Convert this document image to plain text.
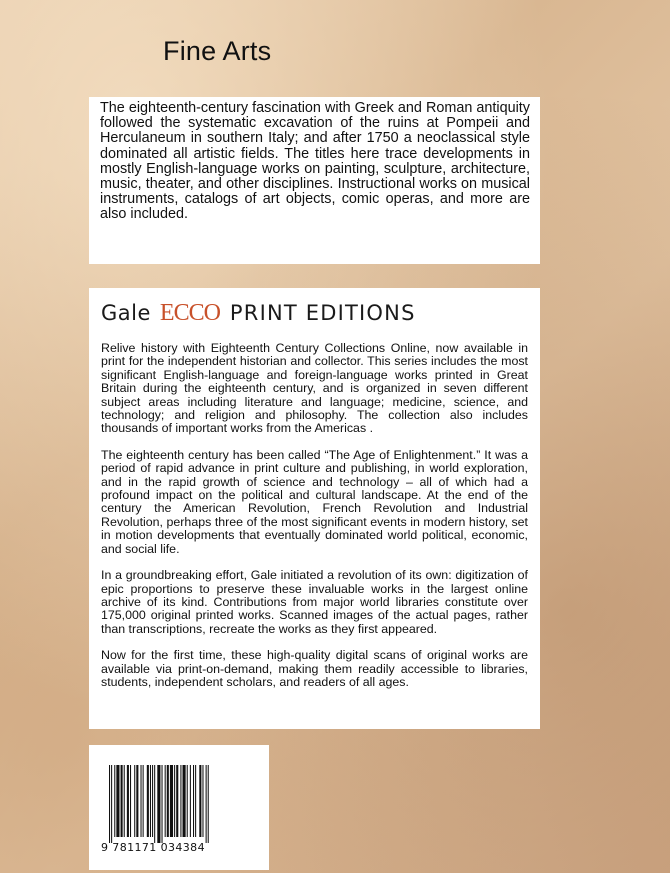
Fine Arts

The eighteenth-century fascination with Greek and Roman antiquity followed the systematic excavation of the ruins at Pompeii and Herculaneum in southern Italy; and after 1750 a neoclassical style dominated all artistic fields. The titles here trace developments in mostly English-language works on painting, sculpture, architecture, music, theater, and other disciplines. Instructional works on musical instruments, catalogs of art objects, comic operas, and more are also included.

Gale ECCO PRINT EDITIONS

Relive history with Eighteenth Century Collections Online, now available in print for the independent historian and collector. This series includes the most significant English-language and foreign-language works printed in Great Britain during the eighteenth century, and is organized in seven different subject areas including literature and language; medicine, science, and technology; and religion and philosophy. The collection also includes thousands of important works from the Americas .

The eighteenth century has been called “The Age of Enlightenment.” It was a period of rapid advance in print culture and publishing, in world exploration, and in the rapid growth of science and technology – all of which had a profound impact on the political and cultural landscape. At the end of the century the American Revolution, French Revolution and Industrial Revolution, perhaps three of the most significant events in modern history, set in motion developments that eventually dominated world political, economic, and social life.

In a groundbreaking effort, Gale initiated a revolution of its own: digitization of epic proportions to preserve these invaluable works in the largest online archive of its kind. Contributions from major world libraries constitute over 175,000 original printed works. Scanned images of the actual pages, rather than transcriptions, recreate the works as they first appeared.

Now for the first time, these high-quality digital scans of original works are available via print-on-demand, making them readily accessible to libraries, students, independent scholars, and readers of all ages.

9 781171 034384
